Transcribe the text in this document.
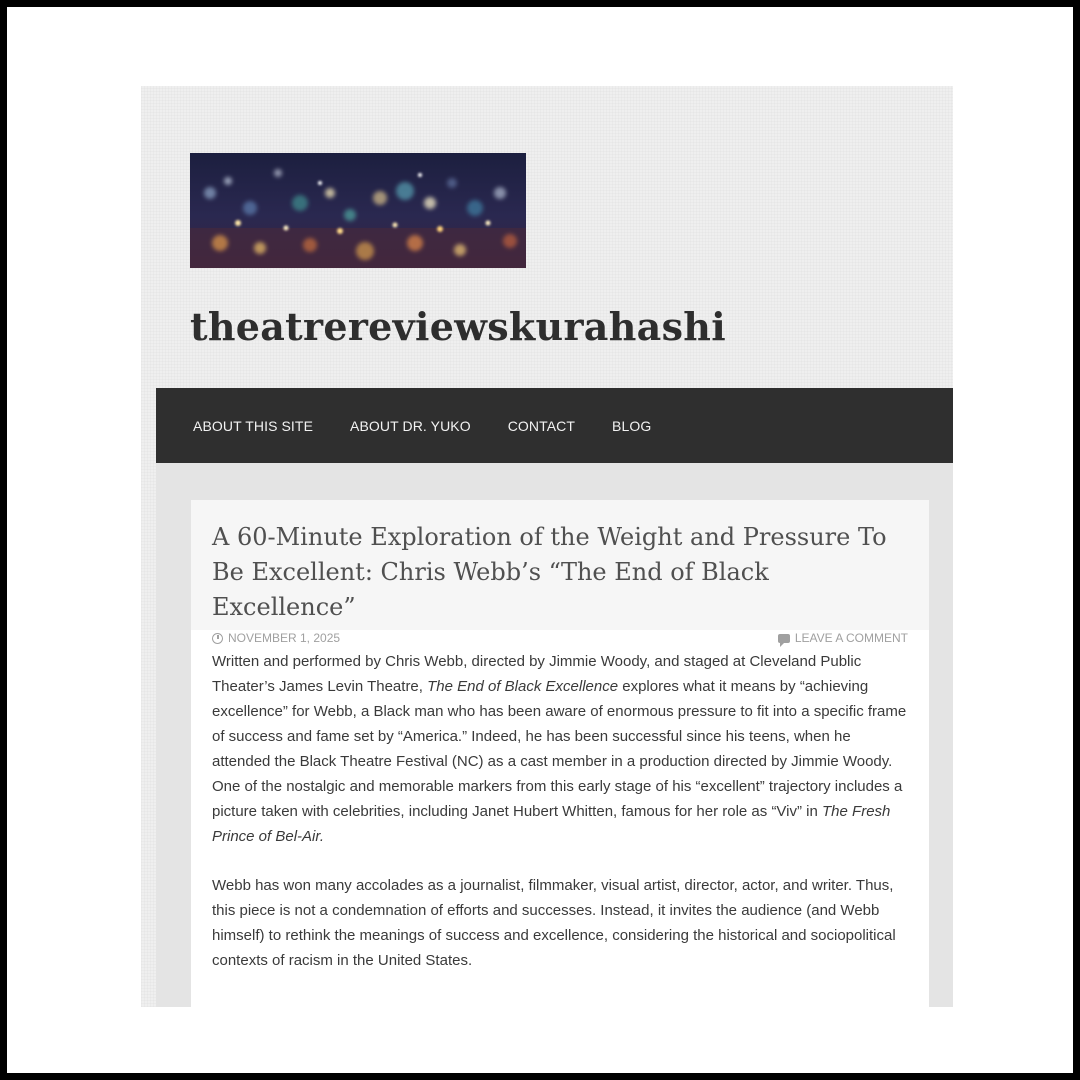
theatrereviewskurahashi
ABOUT THIS SITE	ABOUT DR. YUKO	CONTACT	BLOG
A 60-Minute Exploration of the Weight and Pressure To Be Excellent: Chris Webb’s “The End of Black Excellence”
NOVEMBER 1, 2025	LEAVE A COMMENT

Written and performed by Chris Webb, directed by Jimmie Woody, and staged at Cleveland Public Theater’s James Levin Theatre, The End of Black Excellence explores what it means by “achieving excellence” for Webb, a Black man who has been aware of enormous pressure to fit into a specific frame of success and fame set by “America.” Indeed, he has been successful since his teens, when he attended the Black Theatre Festival (NC) as a cast member in a production directed by Jimmie Woody. One of the nostalgic and memorable markers from this early stage of his “excellent” trajectory includes a picture taken with celebrities, including Janet Hubert Whitten, famous for her role as “Viv” in The Fresh Prince of Bel-Air.

Webb has won many accolades as a journalist, filmmaker, visual artist, director, actor, and writer. Thus, this piece is not a condemnation of efforts and successes. Instead, it invites the audience (and Webb himself) to rethink the meanings of success and excellence, considering the historical and sociopolitical contexts of racism in the United States.
